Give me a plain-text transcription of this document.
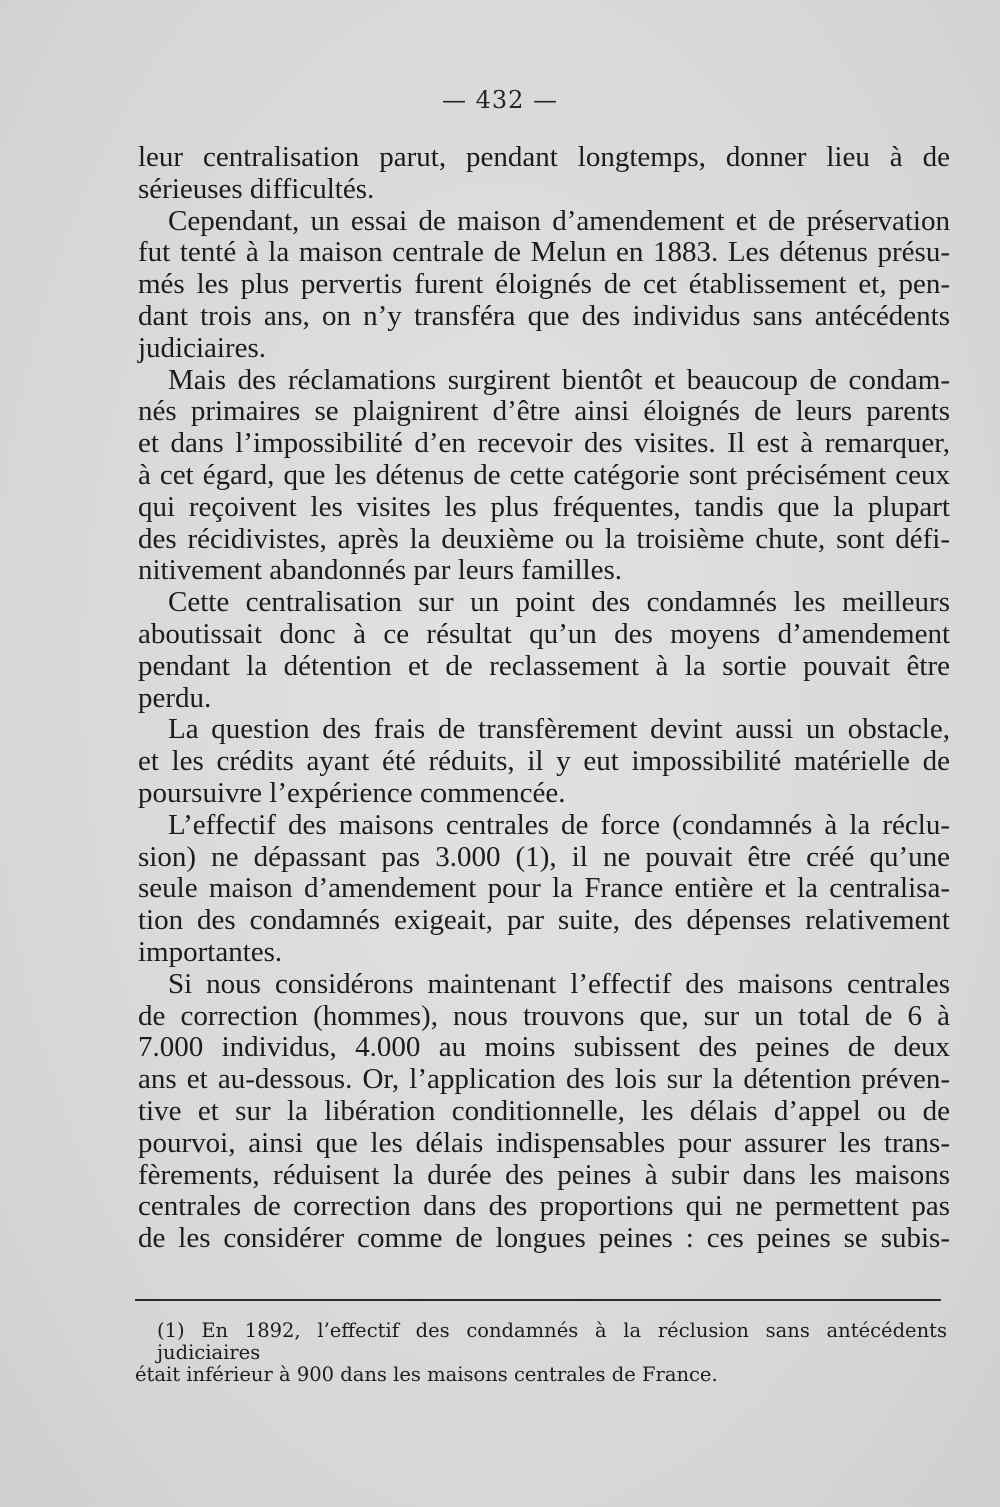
— 432 —

leur centralisation parut, pendant longtemps, donner lieu à de

sérieuses difficultés.

Cependant, un essai de maison d’amendement et de préservation

fut tenté à la maison centrale de Melun en 1883. Les détenus présu-

més les plus pervertis furent éloignés de cet établissement et, pen-

dant trois ans, on n’y transféra que des individus sans antécédents

judiciaires.

Mais des réclamations surgirent bientôt et beaucoup de condam-

nés primaires se plaignirent d’être ainsi éloignés de leurs parents

et dans l’impossibilité d’en recevoir des visites. Il est à remarquer,

à cet égard, que les détenus de cette catégorie sont précisément ceux

qui reçoivent les visites les plus fréquentes, tandis que la plupart

des récidivistes, après la deuxième ou la troisième chute, sont défi-

nitivement abandonnés par leurs familles.

Cette centralisation sur un point des condamnés les meilleurs

aboutissait donc à ce résultat qu’un des moyens d’amendement

pendant la détention et de reclassement à la sortie pouvait être

perdu.

La question des frais de transfèrement devint aussi un obstacle,

et les crédits ayant été réduits, il y eut impossibilité matérielle de

poursuivre l’expérience commencée.

L’effectif des maisons centrales de force (condamnés à la réclu-

sion) ne dépassant pas 3.000 (1), il ne pouvait être créé qu’une

seule maison d’amendement pour la France entière et la centralisa-

tion des condamnés exigeait, par suite, des dépenses relativement

importantes.

Si nous considérons maintenant l’effectif des maisons centrales

de correction (hommes), nous trouvons que, sur un total de 6 à

7.000 individus, 4.000 au moins subissent des peines de deux

ans et au-dessous. Or, l’application des lois sur la détention préven-

tive et sur la libération conditionnelle, les délais d’appel ou de

pourvoi, ainsi que les délais indispensables pour assurer les trans-

fèrements, réduisent la durée des peines à subir dans les maisons

centrales de correction dans des proportions qui ne permettent pas

de les considérer comme de longues peines : ces peines se subis-

(1) En 1892, l’effectif des condamnés à la réclusion sans antécédents judiciaires

était inférieur à 900 dans les maisons centrales de France.
